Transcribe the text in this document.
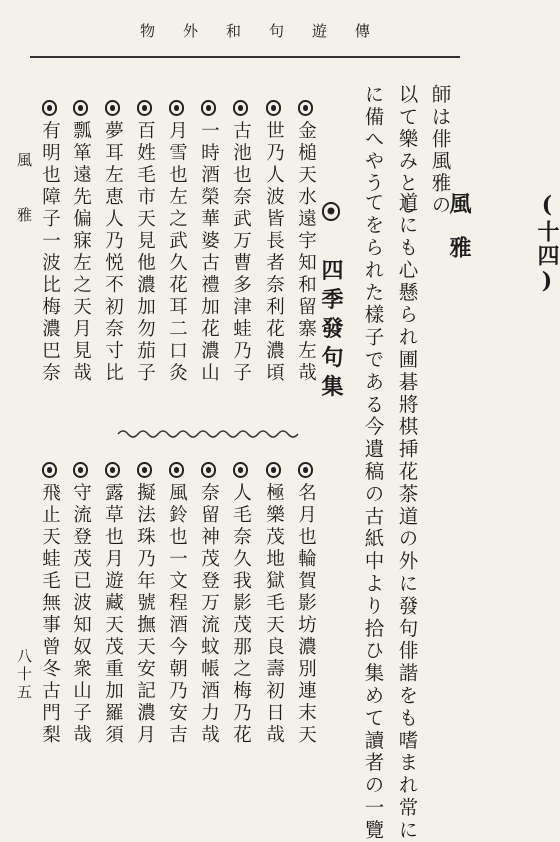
傳
遊
句
和
外
物
師は俳風雅の
以て樂みとし
に備へやう
(十四)
風　雅
道にも心懸られ圃碁將棋挿花茶道の外に發句俳諧をも嗜まれ常に
てをられた樣子である今遺稿の古紙中より拾ひ集めて讀者の一覽
四季發句集
金槌天水遠宇知和留寨左哉
世乃人波皆長者奈利花濃頃
古池也奈武万曹多津蛙乃子
一時酒榮華婆古禮加花濃山
月雪也左之武久花耳二口灸
百姓毛市天見他濃加勿茄子
夢耳左恵人乃悦不初奈寸比
瓢箪遠先偏寐左之天月見哉
有明也障子一波比梅濃巴奈
名月也輪賀影坊濃別連末天
極樂茂地獄毛天良壽初日哉
人毛奈久我影茂那之梅乃花
奈留神茂登万流蚊帳酒力哉
風鈴也一文程酒今朝乃安吉
擬法珠乃年號撫天安記濃月
露草也月遊藏天茂重加羅須
守流登茂已波知奴衆山子哉
飛止天蛙毛無事曾冬古門梨
風雅
八十五
